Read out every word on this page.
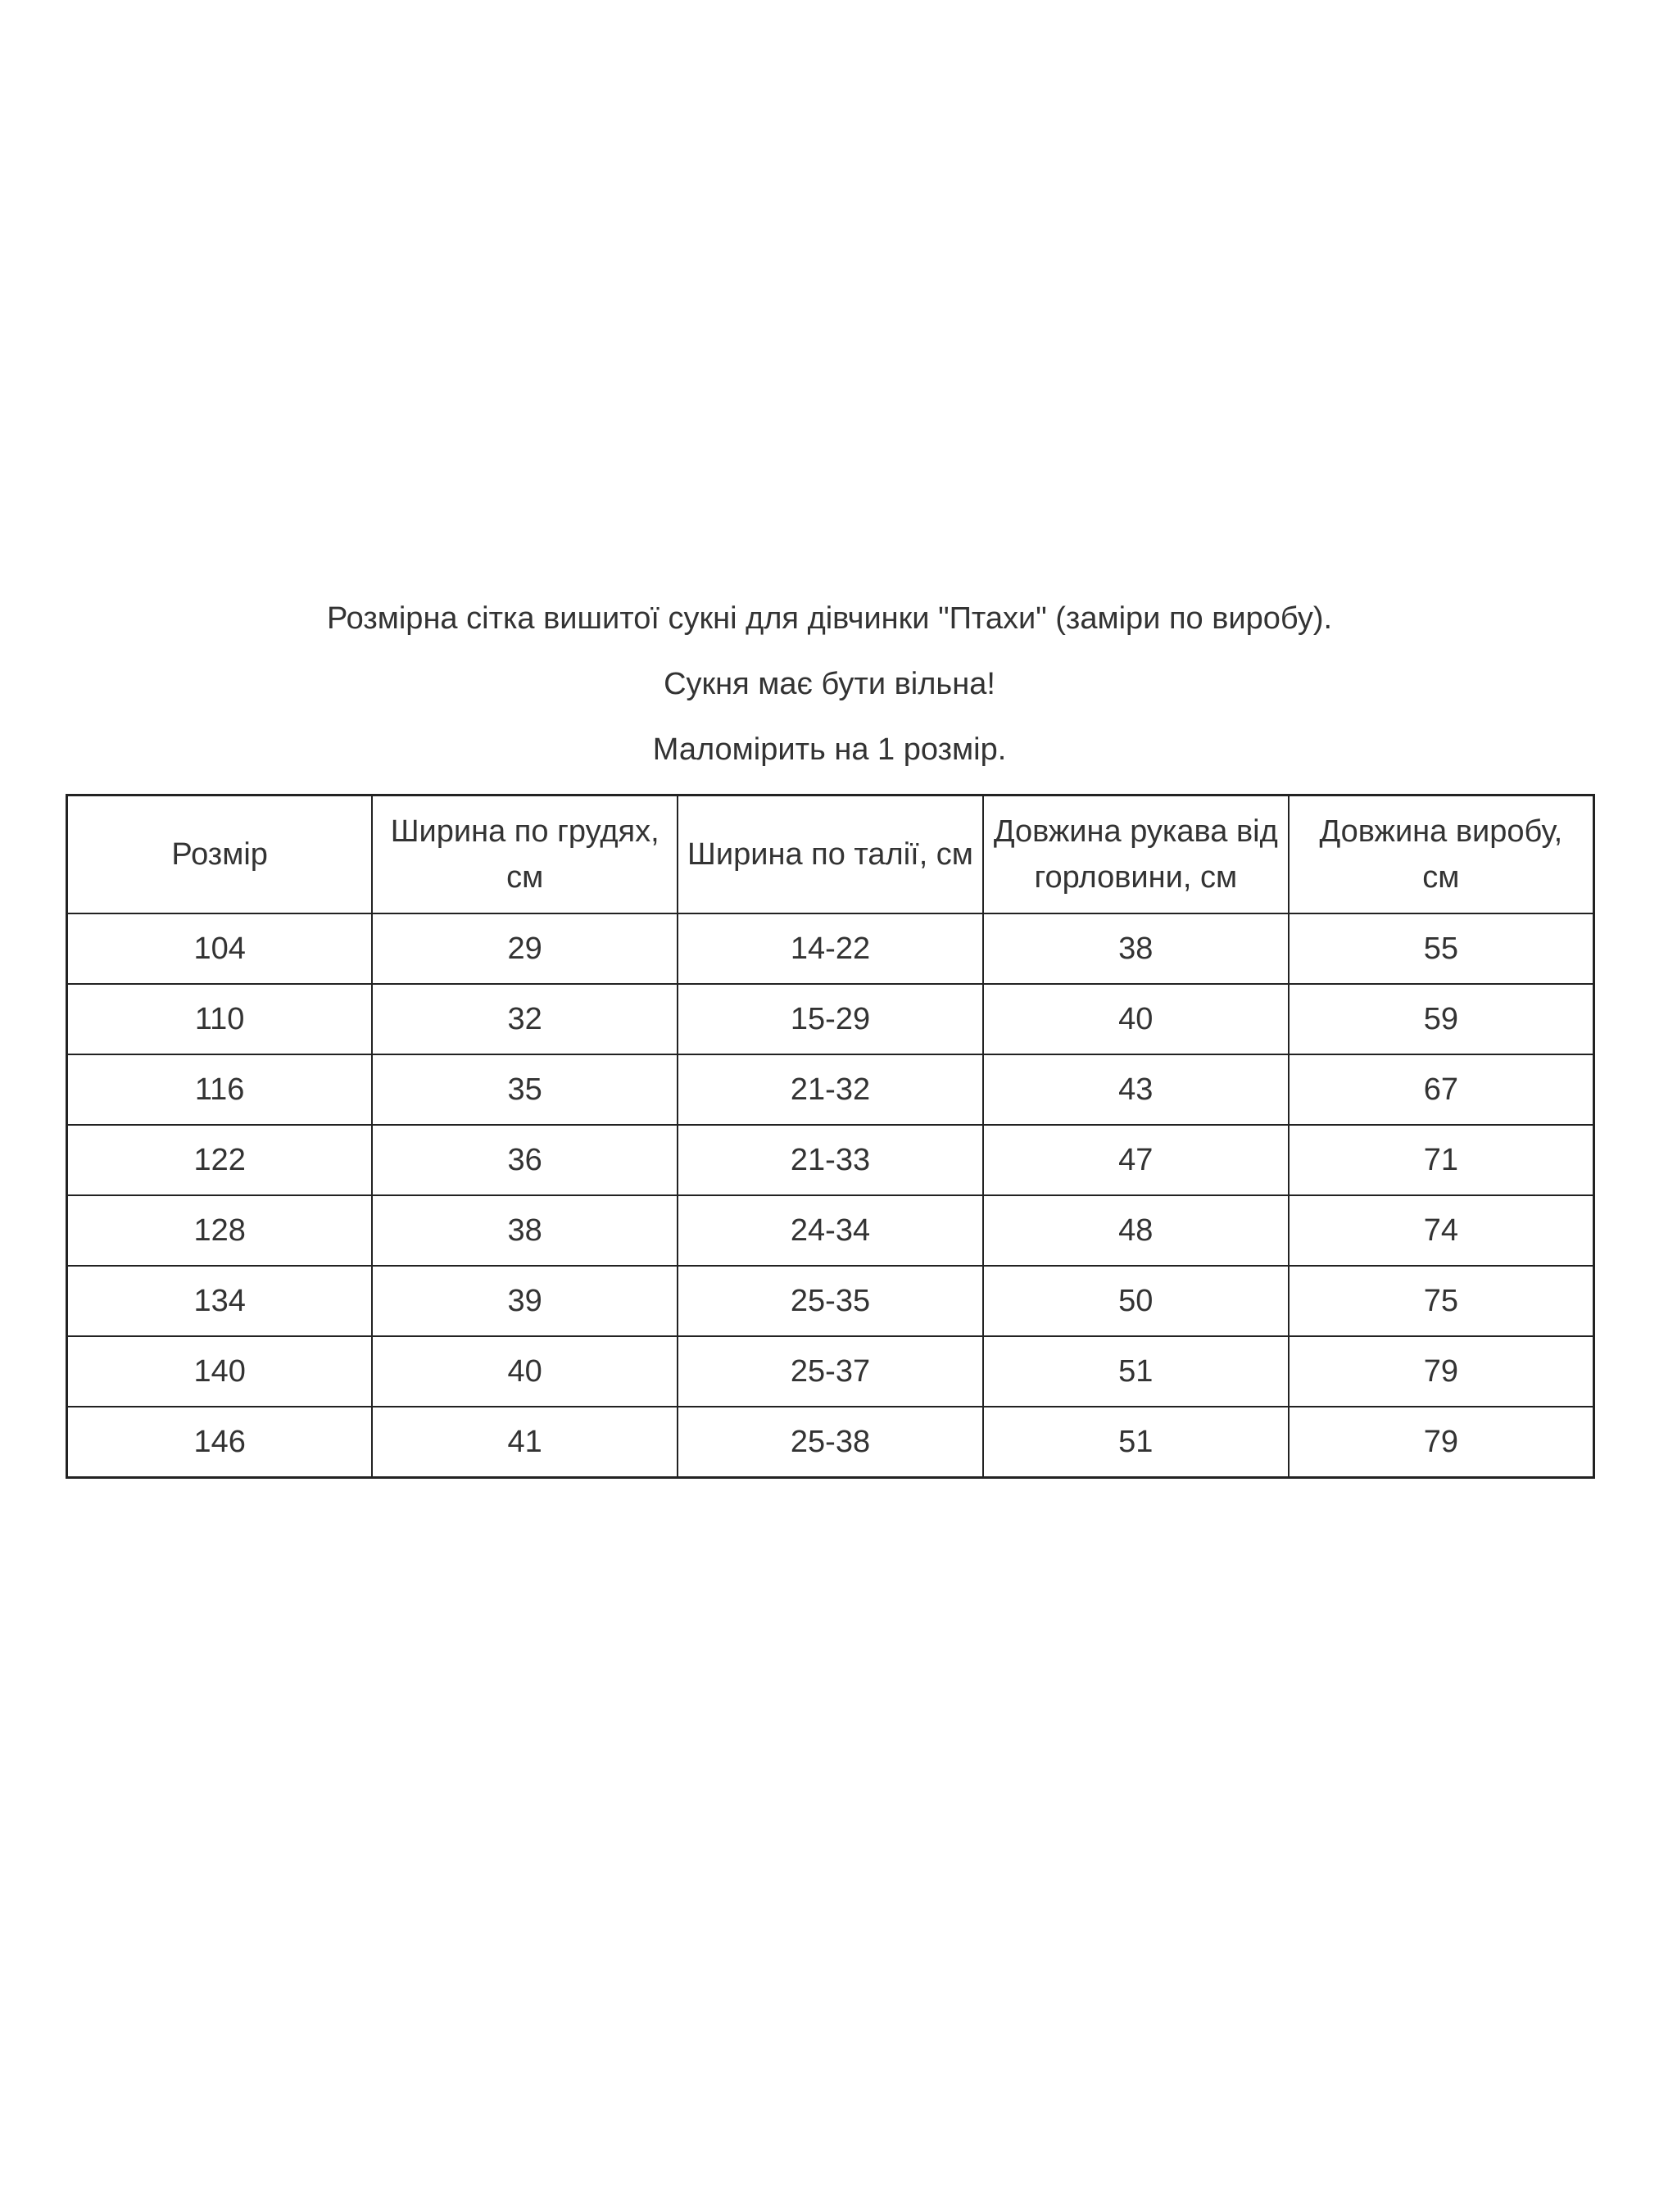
Розмірна сітка вишитої сукні для дівчинки "Птахи" (заміри по виробу).

Сукня має бути вільна!

Маломірить на 1 розмір.

Розмір	Ширина по грудях, см	Ширина по талії, см	Довжина рукава від горловини, см	Довжина виробу, см
104	29	14-22	38	55
110	32	15-29	40	59
116	35	21-32	43	67
122	36	21-33	47	71
128	38	24-34	48	74
134	39	25-35	50	75
140	40	25-37	51	79
146	41	25-38	51	79
